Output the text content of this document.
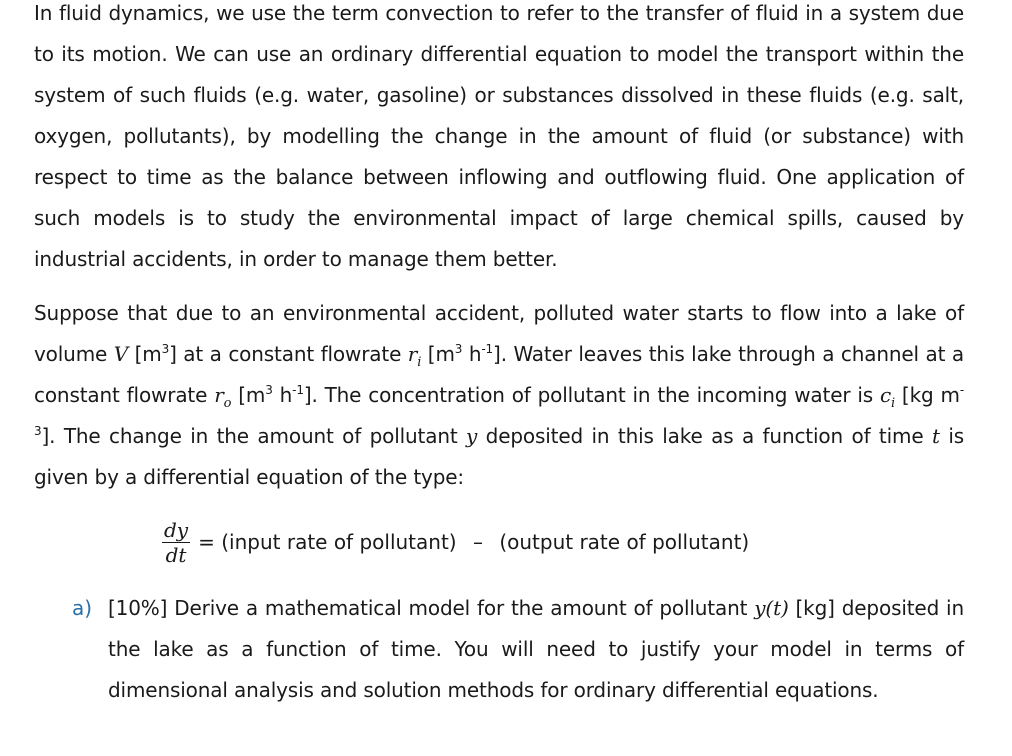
In fluid dynamics, we use the term convection to refer to the transfer of fluid in a system due to its motion. We can use an ordinary differential equation to model the transport within the system of such fluids (e.g. water, gasoline) or substances dissolved in these fluids (e.g. salt, oxygen, pollutants), by modelling the change in the amount of fluid (or substance) with respect to time as the balance between inflowing and outflowing fluid. One application of such models is to study the environmental impact of large chemical spills, caused by industrial accidents, in order to manage them better.

Suppose that due to an environmental accident, polluted water starts to flow into a lake of volume V $[m^3]$ at a constant flowrate $r_i$ [$m^3$ $h^{-1}$]. Water leaves this lake through a channel at a constant flowrate $r_o$ [$m^3$ $h^{-1}$]. The concentration of pollutant in the incoming water is $c_i$ [kg $m^{-3}$]. The change in the amount of pollutant y deposited in this lake as a function of time t is given by a differential equation of the type:

$\frac{dy}{dt}$ = (input rate of pollutant) – (output rate of pollutant)
a) [10%] Derive a mathematical model for the amount of pollutant y(t) [kg] deposited in the lake as a function of time. You will need to justify your model in terms of dimensional analysis and solution methods for ordinary differential equations.
